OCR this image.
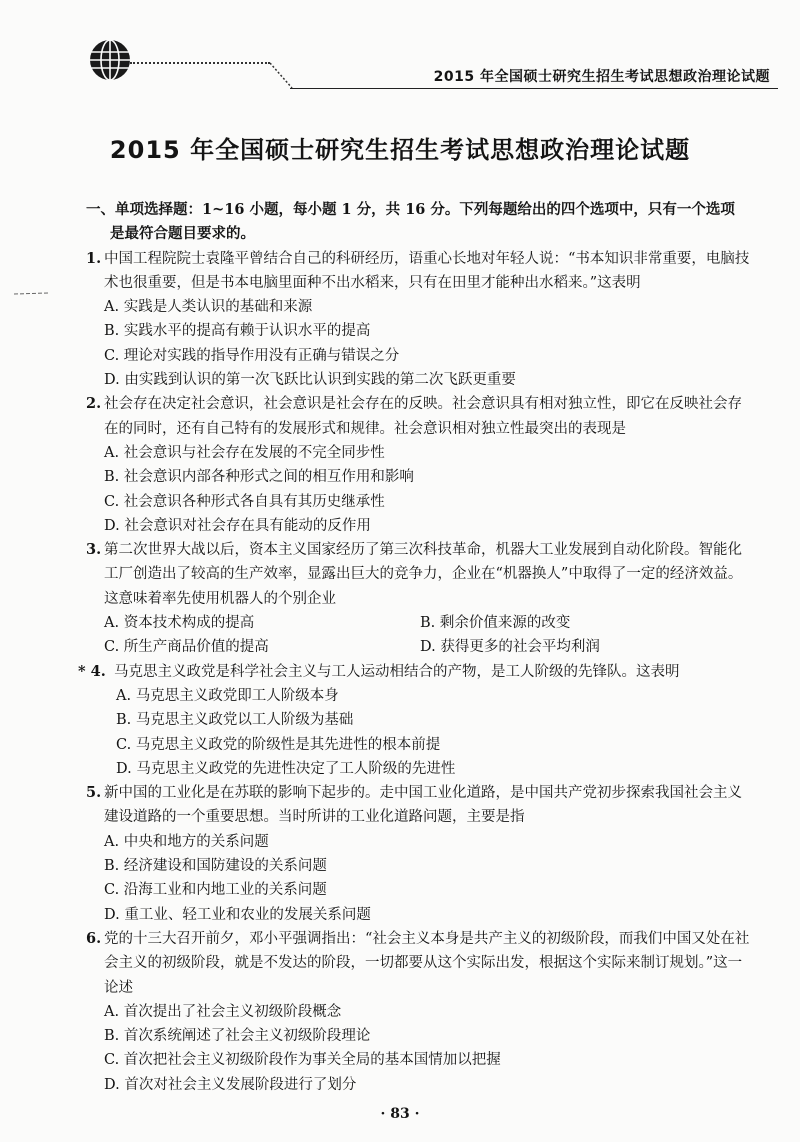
2015 年全国硕士研究生招生考试思想政治理论试题
2015 年全国硕士研究生招生考试思想政治理论试题
一、单项选择题：1~16 小题，每小题 1 分，共 16 分。下列每题给出的四个选项中，只有一个选项
是最符合题目要求的。
1. 中国工程院院士袁隆平曾结合自己的科研经历，语重心长地对年轻人说：“书本知识非常重要，电脑技术也很重要，但是书本电脑里面种不出水稻来，只有在田里才能种出水稻来。”这表明
A. 实践是人类认识的基础和来源
B. 实践水平的提高有赖于认识水平的提高
C. 理论对实践的指导作用没有正确与错误之分
D. 由实践到认识的第一次飞跃比认识到实践的第二次飞跃更重要
2. 社会存在决定社会意识，社会意识是社会存在的反映。社会意识具有相对独立性，即它在反映社会存在的同时，还有自己特有的发展形式和规律。社会意识相对独立性最突出的表现是
A. 社会意识与社会存在发展的不完全同步性
B. 社会意识内部各种形式之间的相互作用和影响
C. 社会意识各种形式各自具有其历史继承性
D. 社会意识对社会存在具有能动的反作用
3. 第二次世界大战以后，资本主义国家经历了第三次科技革命，机器大工业发展到自动化阶段。智能化工厂创造出了较高的生产效率，显露出巨大的竞争力，企业在“机器换人”中取得了一定的经济效益。这意味着率先使用机器人的个别企业
A. 资本技术构成的提高	B. 剩余价值来源的改变
C. 所生产商品价值的提高	D. 获得更多的社会平均利润
* 4. 马克思主义政党是科学社会主义与工人运动相结合的产物，是工人阶级的先锋队。这表明
A. 马克思主义政党即工人阶级本身
B. 马克思主义政党以工人阶级为基础
C. 马克思主义政党的阶级性是其先进性的根本前提
D. 马克思主义政党的先进性决定了工人阶级的先进性
5. 新中国的工业化是在苏联的影响下起步的。走中国工业化道路，是中国共产党初步探索我国社会主义建设道路的一个重要思想。当时所讲的工业化道路问题，主要是指
A. 中央和地方的关系问题
B. 经济建设和国防建设的关系问题
C. 沿海工业和内地工业的关系问题
D. 重工业、轻工业和农业的发展关系问题
6. 党的十三大召开前夕，邓小平强调指出：“社会主义本身是共产主义的初级阶段，而我们中国又处在社会主义的初级阶段，就是不发达的阶段，一切都要从这个实际出发，根据这个实际来制订规划。”这一论述
A. 首次提出了社会主义初级阶段概念
B. 首次系统阐述了社会主义初级阶段理论
C. 首次把社会主义初级阶段作为事关全局的基本国情加以把握
D. 首次对社会主义发展阶段进行了划分
· 83 ·
